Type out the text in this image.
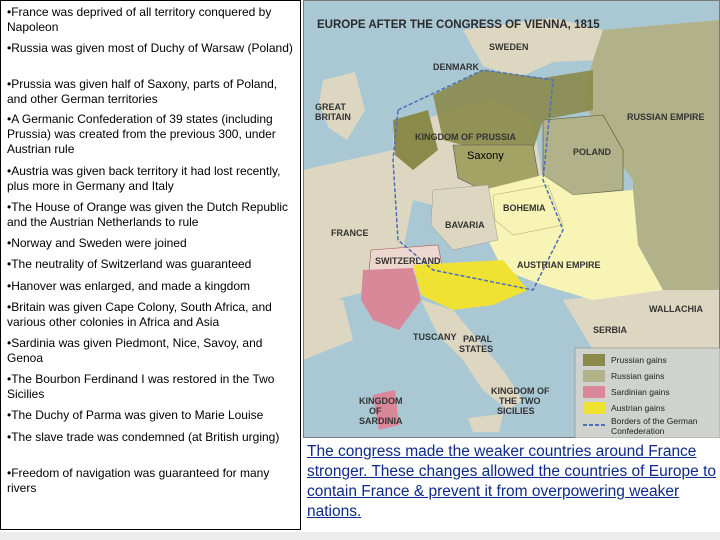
•France was deprived of all territory conquered by Napoleon
•Russia was given most of Duchy of Warsaw (Poland)
•Prussia was given half of Saxony, parts of Poland, and other German territories
•A Germanic Confederation of 39 states (including Prussia) was created from the previous 300, under Austrian rule
•Austria was given back territory it had lost recently, plus more in Germany and Italy
•The House of Orange was given the Dutch Republic and the Austrian Netherlands to rule
•Norway and Sweden were joined
•The neutrality of Switzerland was guaranteed
•Hanover was enlarged, and made a kingdom
•Britain was given Cape Colony, South Africa, and various other colonies in Africa and Asia
•Sardinia was given Piedmont, Nice, Savoy, and Genoa
•The Bourbon Ferdinand I was restored in the Two Sicilies
•The Duchy of Parma was given to Marie Louise
•The slave trade was condemned (at British urging)
•Freedom of navigation was guaranteed for many rivers
EUROPE AFTER THE CONGRESS OF VIENNA, 1815
SWEDEN
DENMARK
GREAT
BRITAIN	RUSSIAN EMPIRE
KINGDOM OF PRUSSIA
Saxony	POLAND
BOHEMIA
BAVARIA
FRANCE
SWITZERLAND	AUSTRIAN EMPIRE
WALLACHIA
SERBIA
TUSCANY PAPAL
STATES
KINGDOM OF
THE TWO
SICILIES
KINGDOM
OF
SARDINIA
Prussian gains
Russian gains
Sardinian gains
Austrian gains
Borders of the German
Confederation
The congress made the weaker countries around France stronger. These changes allowed the countries of Europe to contain France & prevent it from overpowering weaker nations.
